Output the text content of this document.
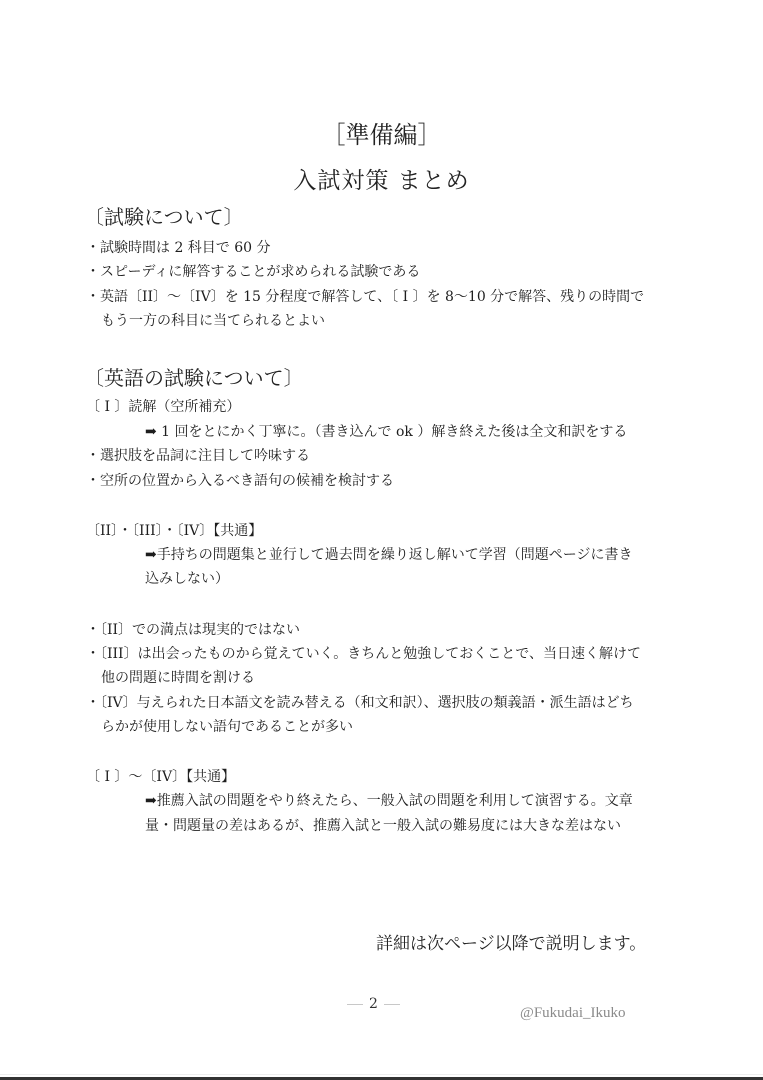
［準備編］
入試対策 まとめ
〔試験について〕
・試験時間は 2 科目で 60 分
・スピーディに解答することが求められる試験である
・英語〔II〕～〔IV〕を 15 分程度で解答して、〔 I 〕を 8～10 分で解答、残りの時間で
もう一方の科目に当てられるとよい
〔英語の試験について〕
〔 I 〕読解（空所補充）
➡ 1 回をとにかく丁寧に。（書き込んで ok ）解き終えた後は全文和訳をする
・選択肢を品詞に注目して吟味する
・空所の位置から入るべき語句の候補を検討する
〔II〕・〔III〕・〔IV〕【共通】
➡手持ちの問題集と並行して過去問を繰り返し解いて学習（問題ページに書き
込みしない）
・〔II〕での満点は現実的ではない
・〔III〕は出会ったものから覚えていく。きちんと勉強しておくことで、当日速く解けて
他の問題に時間を割ける
・〔IV〕与えられた日本語文を読み替える（和文和訳）、選択肢の類義語・派生語はどち
らかが使用しない語句であることが多い
〔 I 〕～〔IV〕【共通】
➡推薦入試の問題をやり終えたら、一般入試の問題を利用して演習する。文章
量・問題量の差はあるが、推薦入試と一般入試の難易度には大きな差はない
詳細は次ページ以降で説明します。
2
@Fukudai_Ikuko
